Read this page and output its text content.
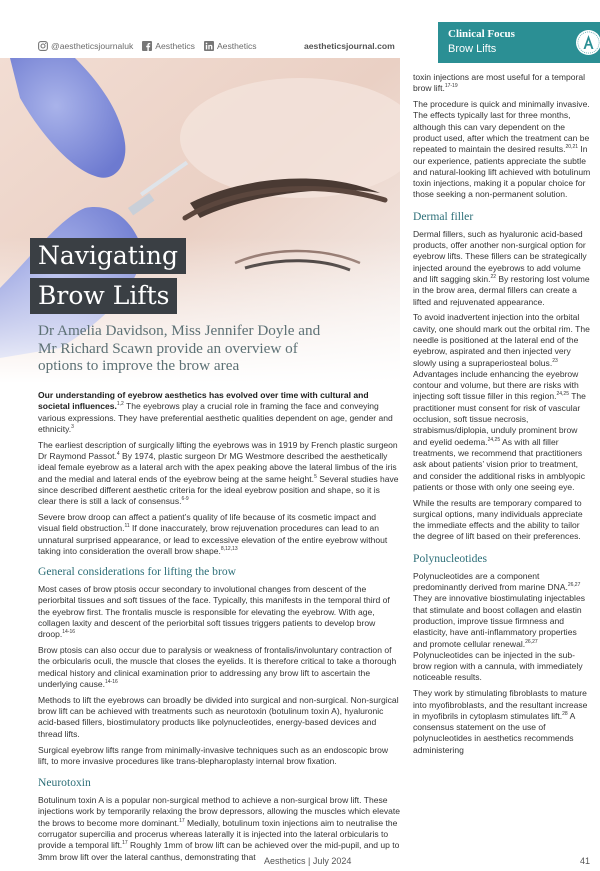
@aestheticsjournaluk	Aesthetics	Aesthetics	aestheticsjournal.com
Clinical Focus
Brow Lifts
Navigating
Brow Lifts
Dr Amelia Davidson, Miss Jennifer Doyle and
Mr Richard Scawn provide an overview of
options to improve the brow area

Our understanding of eyebrow aesthetics has evolved over time with cultural and societal influences.$^{1,2}$ The eyebrows play a crucial role in framing the face and conveying various expressions. They have preferential aesthetic qualities dependent on age, gender and ethnicity.$^3$

The earliest description of surgically lifting the eyebrows was in 1919 by French plastic surgeon Dr Raymond Passot.$^4$ By 1974, plastic surgeon Dr MG Westmore described the aesthetically ideal female eyebrow as a lateral arch with the apex peaking above the lateral limbus of the iris and the medial and lateral ends of the eyebrow being at the same height.$^5$ Several studies have since described different aesthetic criteria for the ideal eyebrow position and shape, so it is clear there is still a lack of consensus.$^{6-9}$

Severe brow droop can affect a patient’s quality of life because of its cosmetic impact and visual field obstruction.$^{11}$ If done inaccurately, brow rejuvenation procedures can lead to an unnatural surprised appearance, or lead to excessive elevation of the entire eyebrow without taking into consideration the overall brow shape.$^{8,12,13}$

General considerations for lifting the brow

Most cases of brow ptosis occur secondary to involutional changes from descent of the periorbital tissues and soft tissues of the face. Typically, this manifests in the temporal third of the eyebrow first. The frontalis muscle is responsible for elevating the eyebrow. With age, collagen laxity and descent of the periorbital soft tissues triggers patients to develop brow droop.$^{14-16}$

Brow ptosis can also occur due to paralysis or weakness of frontalis/involuntary contraction of the orbicularis oculi, the muscle that closes the eyelids. It is therefore critical to take a thorough medical history and clinical examination prior to addressing any brow lift to ascertain the underlying cause.$^{14-16}$

Methods to lift the eyebrows can broadly be divided into surgical and non-surgical. Non-surgical brow lift can be achieved with treatments such as neurotoxin (botulinum toxin A), hyaluronic acid-based fillers, biostimulatory products like polynucleotides, energy-based devices and thread lifts.

Surgical eyebrow lifts range from minimally-invasive techniques such as an endoscopic brow lift, to more invasive procedures like trans-blepharoplasty internal brow fixation.

Neurotoxin

Botulinum toxin A is a popular non-surgical method to achieve a non-surgical brow lift. These injections work by temporarily relaxing the brow depressors, allowing the muscles which elevate the brows to become more dominant.$^{17}$ Medially, botulinum toxin injections aim to neutralise the corrugator supercilia and procerus whereas laterally it is injected into the lateral orbicularis to provide a temporal lift.$^{17}$ Roughly 1mm of brow lift can be achieved over the mid-pupil, and up to 3mm brow lift over the lateral canthus, demonstrating that

toxin injections are most useful for a temporal brow lift.$^{17-19}$

The procedure is quick and minimally invasive. The effects typically last for three months, although this can vary dependent on the product used, after which the treatment can be repeated to maintain the desired results.$^{20,21}$ In our experience, patients appreciate the subtle and natural-looking lift achieved with botulinum toxin injections, making it a popular choice for those seeking a non-permanent solution.

Dermal filler

Dermal fillers, such as hyaluronic acid-based products, offer another non-surgical option for eyebrow lifts. These fillers can be strategically injected around the eyebrows to add volume and lift sagging skin.$^{22}$ By restoring lost volume in the brow area, dermal fillers can create a lifted and rejuvenated appearance.

To avoid inadvertent injection into the orbital cavity, one should mark out the orbital rim. The needle is positioned at the lateral end of the eyebrow, aspirated and then injected very slowly using a supraperiosteal bolus.$^{23}$ Advantages include enhancing the eyebrow contour and volume, but there are risks with injecting soft tissue filler in this region.$^{24,25}$ The practitioner must consent for risk of vascular occlusion, soft tissue necrosis, strabismus/diplopia, unduly prominent brow and eyelid oedema.$^{24,25}$ As with all filler treatments, we recommend that practitioners ask about patients’ vision prior to treatment, and consider the additional risks in amblyopic patients or those with only one seeing eye.

While the results are temporary compared to surgical options, many individuals appreciate the immediate effects and the ability to tailor the degree of lift based on their preferences.

Polynucleotides

Polynucleotides are a component predominantly derived from marine DNA.$^{26,27}$ They are innovative biostimulating injectables that stimulate and boost collagen and elastin production, improve tissue firmness and elasticity, have anti-inflammatory properties and promote cellular renewal.$^{26,27}$ Polynucleotides can be injected in the sub-brow region with a cannula, with immediately noticeable results.

They work by stimulating fibroblasts to mature into myofibroblasts, and the resultant increase in myofibrils in cytoplasm stimulates lift.$^{28}$ A consensus statement on the use of polynucleotides in aesthetics recommends administering

Aesthetics | July 2024	41
